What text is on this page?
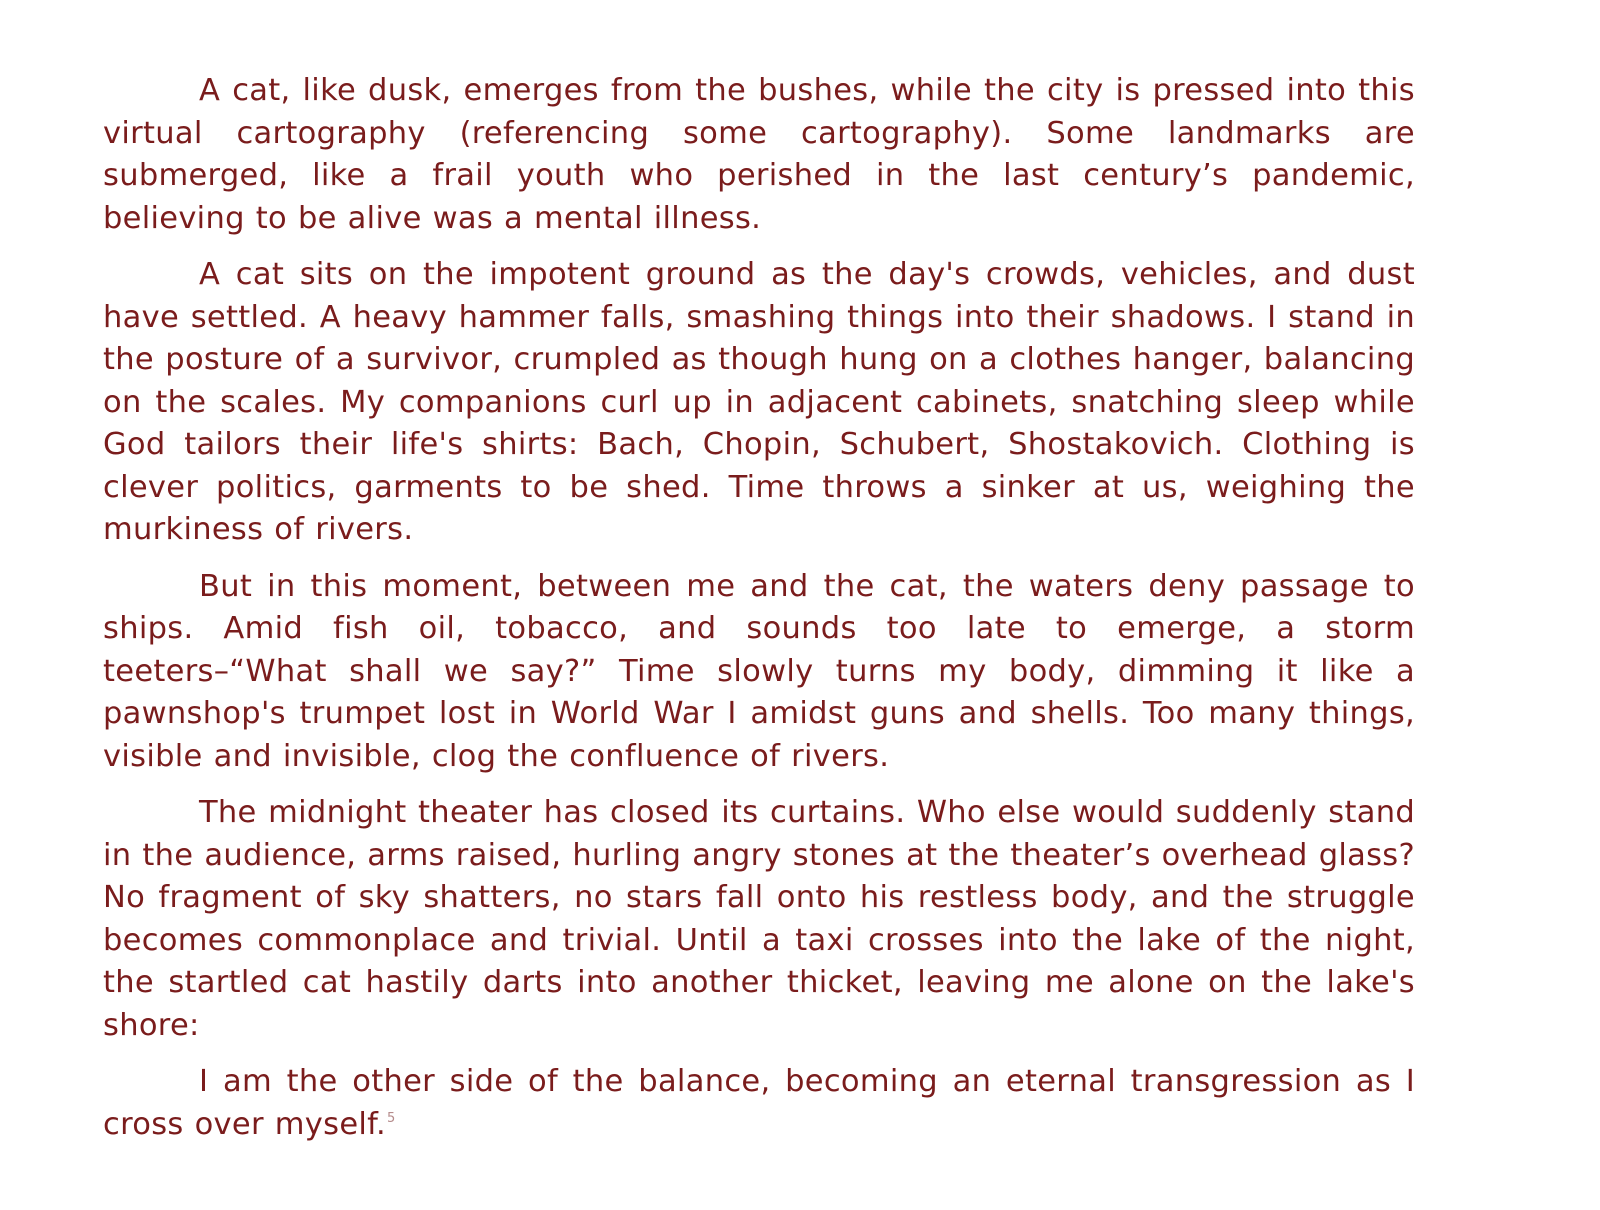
A cat, like dusk, emerges from the bushes, while the city is pressed into this virtual cartography (referencing some cartography). Some landmarks are submerged, like a frail youth who perished in the last century’s pandemic, believing to be alive was a mental illness.

A cat sits on the impotent ground as the day's crowds, vehicles, and dust have settled. A heavy hammer falls, smashing things into their shadows. I stand in the posture of a survivor, crumpled as though hung on a clothes hanger, balancing on the scales. My companions curl up in adjacent cabinets, snatching sleep while God tailors their life's shirts: Bach, Chopin, Schubert, Shostakovich. Clothing is clever politics, garments to be shed. Time throws a sinker at us, weighing the murkiness of rivers.

But in this moment, between me and the cat, the waters deny passage to ships. Amid fish oil, tobacco, and sounds too late to emerge, a storm teeters–“What shall we say?” Time slowly turns my body, dimming it like a pawnshop's trumpet lost in World War I amidst guns and shells. Too many things, visible and invisible, clog the confluence of rivers.

The midnight theater has closed its curtains. Who else would suddenly stand in the audience, arms raised, hurling angry stones at the theater’s overhead glass? No fragment of sky shatters, no stars fall onto his restless body, and the struggle becomes commonplace and trivial. Until a taxi crosses into the lake of the night, the startled cat hastily darts into another thicket, leaving me alone on the lake's shore:

I am the other side of the balance, becoming an eternal transgression as I cross over myself.$^5$
